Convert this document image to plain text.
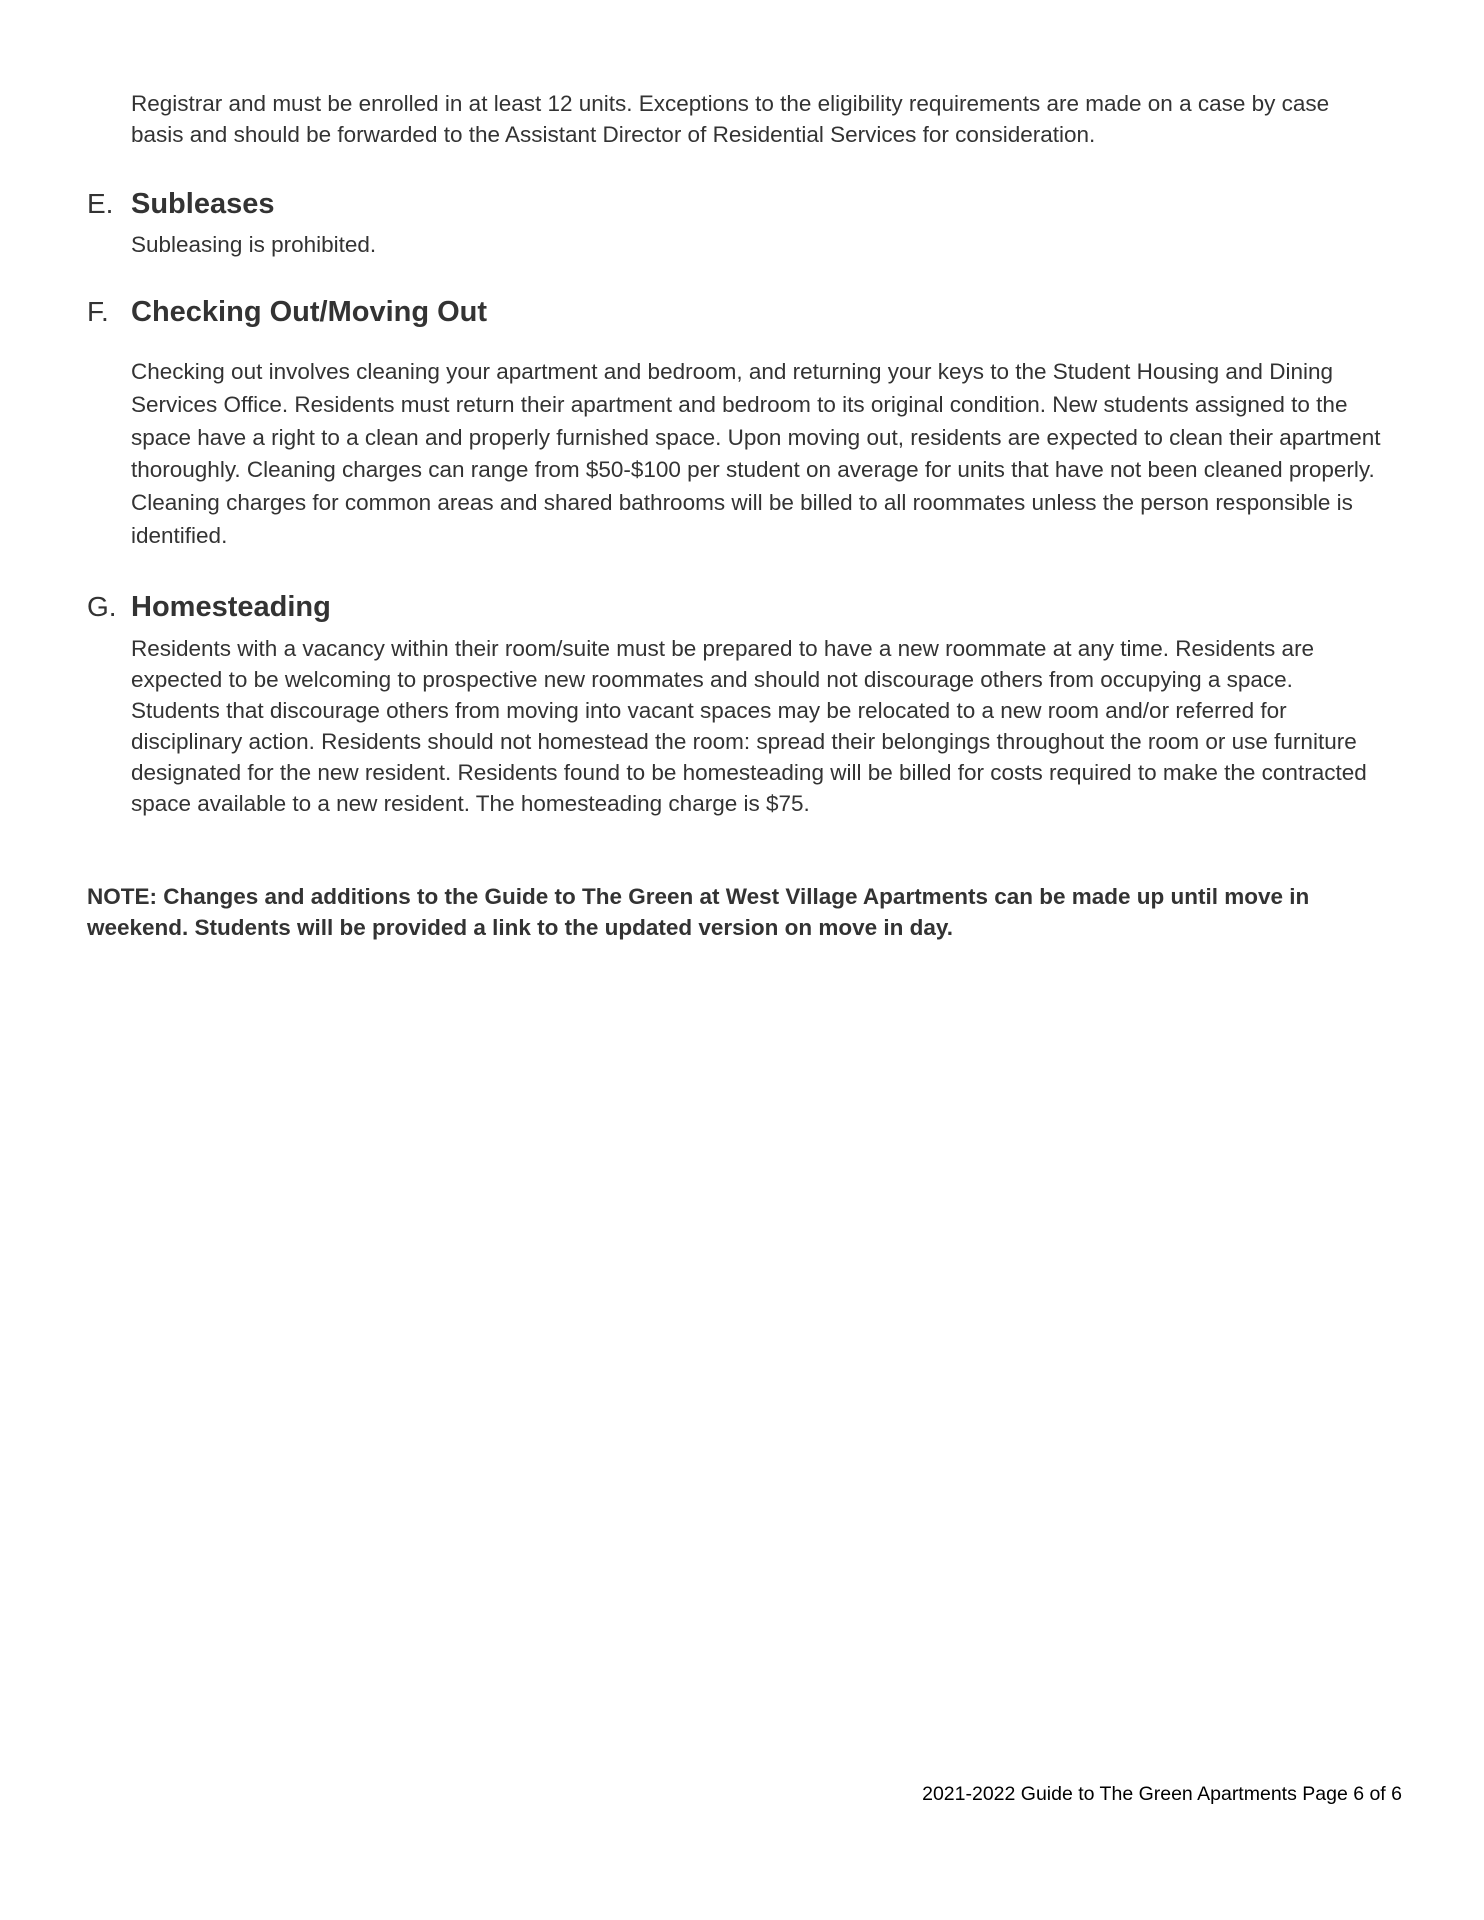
Registrar and must be enrolled in at least 12 units. Exceptions to the eligibility requirements are made on a case by case basis and should be forwarded to the Assistant Director of Residential Services for consideration.

E. Subleases

Subleasing is prohibited.

F. Checking Out/Moving Out

Checking out involves cleaning your apartment and bedroom, and returning your keys to the Student Housing and Dining Services Office. Residents must return their apartment and bedroom to its original condition. New students assigned to the space have a right to a clean and properly furnished space. Upon moving out, residents are expected to clean their apartment thoroughly. Cleaning charges can range from $50-$100 per student on average for units that have not been cleaned properly. Cleaning charges for common areas and shared bathrooms will be billed to all roommates unless the person responsible is identified.

G. Homesteading

Residents with a vacancy within their room/suite must be prepared to have a new roommate at any time. Residents are expected to be welcoming to prospective new roommates and should not discourage others from occupying a space. Students that discourage others from moving into vacant spaces may be relocated to a new room and/or referred for disciplinary action. Residents should not homestead the room: spread their belongings throughout the room or use furniture designated for the new resident. Residents found to be homesteading will be billed for costs required to make the contracted space available to a new resident. The homesteading charge is $75.

NOTE: Changes and additions to the Guide to The Green at West Village Apartments can be made up until move in weekend. Students will be provided a link to the updated version on move in day.

2021-2022 Guide to The Green Apartments Page 6 of 6
